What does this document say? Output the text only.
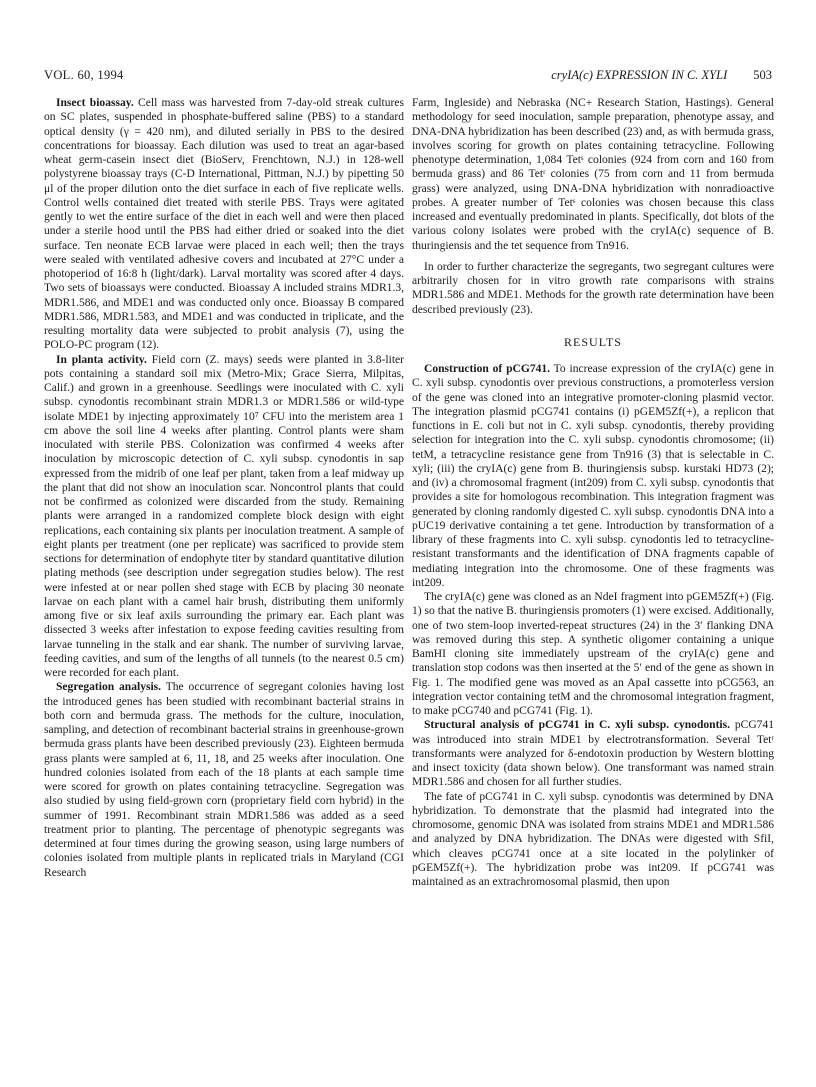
VOL. 60, 1994	cryIA(c) EXPRESSION IN C. XYLI 503

Insect bioassay. Cell mass was harvested from 7-day-old streak cultures on SC plates, suspended in phosphate-buffered saline (PBS) to a standard optical density (γ = 420 nm), and diluted serially in PBS to the desired concentrations for bioassay. Each dilution was used to treat an agar-based wheat germ-casein insect diet (BioServ, Frenchtown, N.J.) in 128-well polystyrene bioassay trays (C-D International, Pittman, N.J.) by pipetting 50 μl of the proper dilution onto the diet surface in each of five replicate wells. Control wells contained diet treated with sterile PBS. Trays were agitated gently to wet the entire surface of the diet in each well and were then placed under a sterile hood until the PBS had either dried or soaked into the diet surface. Ten neonate ECB larvae were placed in each well; then the trays were sealed with ventilated adhesive covers and incubated at 27°C under a photoperiod of 16:8 h (light/dark). Larval mortality was scored after 4 days. Two sets of bioassays were conducted. Bioassay A included strains MDR1.3, MDR1.586, and MDE1 and was conducted only once. Bioassay B compared MDR1.586, MDR1.583, and MDE1 and was conducted in triplicate, and the resulting mortality data were subjected to probit analysis (7), using the POLO-PC program (12).

In planta activity. Field corn (Z. mays) seeds were planted in 3.8-liter pots containing a standard soil mix (Metro-Mix; Grace Sierra, Milpitas, Calif.) and grown in a greenhouse. Seedlings were inoculated with C. xyli subsp. cynodontis recombinant strain MDR1.3 or MDR1.586 or wild-type isolate MDE1 by injecting approximately 10⁷ CFU into the meristem area 1 cm above the soil line 4 weeks after planting. Control plants were sham inoculated with sterile PBS. Colonization was confirmed 4 weeks after inoculation by microscopic detection of C. xyli subsp. cynodontis in sap expressed from the midrib of one leaf per plant, taken from a leaf midway up the plant that did not show an inoculation scar. Noncontrol plants that could not be confirmed as colonized were discarded from the study. Remaining plants were arranged in a randomized complete block design with eight replications, each containing six plants per inoculation treatment. A sample of eight plants per treatment (one per replicate) was sacrificed to provide stem sections for determination of endophyte titer by standard quantitative dilution plating methods (see description under segregation studies below). The rest were infested at or near pollen shed stage with ECB by placing 30 neonate larvae on each plant with a camel hair brush, distributing them uniformly among five or six leaf axils surrounding the primary ear. Each plant was dissected 3 weeks after infestation to expose feeding cavities resulting from larvae tunneling in the stalk and ear shank. The number of surviving larvae, feeding cavities, and sum of the lengths of all tunnels (to the nearest 0.5 cm) were recorded for each plant.

Segregation analysis. The occurrence of segregant colonies having lost the introduced genes has been studied with recombinant bacterial strains in both corn and bermuda grass. The methods for the culture, inoculation, sampling, and detection of recombinant bacterial strains in greenhouse-grown bermuda grass plants have been described previously (23). Eighteen bermuda grass plants were sampled at 6, 11, 18, and 25 weeks after inoculation. One hundred colonies isolated from each of the 18 plants at each sample time were scored for growth on plates containing tetracycline. Segregation was also studied by using field-grown corn (proprietary field corn hybrid) in the summer of 1991. Recombinant strain MDR1.586 was added as a seed treatment prior to planting. The percentage of phenotypic segregants was determined at four times during the growing season, using large numbers of colonies isolated from multiple plants in replicated trials in Maryland (CGI Research

Farm, Ingleside) and Nebraska (NC+ Research Station, Hastings). General methodology for seed inoculation, sample preparation, phenotype assay, and DNA-DNA hybridization has been described (23) and, as with bermuda grass, involves scoring for growth on plates containing tetracycline. Following phenotype determination, 1,084 Tetˢ colonies (924 from corn and 160 from bermuda grass) and 86 Tetʳ colonies (75 from corn and 11 from bermuda grass) were analyzed, using DNA-DNA hybridization with nonradioactive probes. A greater number of Tetˢ colonies was chosen because this class increased and eventually predominated in plants. Specifically, dot blots of the various colony isolates were probed with the cryIA(c) sequence of B. thuringiensis and the tet sequence from Tn916.

In order to further characterize the segregants, two segregant cultures were arbitrarily chosen for in vitro growth rate comparisons with strains MDR1.586 and MDE1. Methods for the growth rate determination have been described previously (23).

RESULTS

Construction of pCG741. To increase expression of the cryIA(c) gene in C. xyli subsp. cynodontis over previous constructions, a promoterless version of the gene was cloned into an integrative promoter-cloning plasmid vector. The integration plasmid pCG741 contains (i) pGEM5Zf(+), a replicon that functions in E. coli but not in C. xyli subsp. cynodontis, thereby providing selection for integration into the C. xyli subsp. cynodontis chromosome; (ii) tetM, a tetracycline resistance gene from Tn916 (3) that is selectable in C. xyli; (iii) the cryIA(c) gene from B. thuringiensis subsp. kurstaki HD73 (2); and (iv) a chromosomal fragment (int209) from C. xyli subsp. cynodontis that provides a site for homologous recombination. This integration fragment was generated by cloning randomly digested C. xyli subsp. cynodontis DNA into a pUC19 derivative containing a tet gene. Introduction by transformation of a library of these fragments into C. xyli subsp. cynodontis led to tetracycline-resistant transformants and the identification of DNA fragments capable of mediating integration into the chromosome. One of these fragments was int209.

The cryIA(c) gene was cloned as an NdeI fragment into pGEM5Zf(+) (Fig. 1) so that the native B. thuringiensis promoters (1) were excised. Additionally, one of two stem-loop inverted-repeat structures (24) in the 3′ flanking DNA was removed during this step. A synthetic oligomer containing a unique BamHI cloning site immediately upstream of the cryIA(c) gene and translation stop codons was then inserted at the 5′ end of the gene as shown in Fig. 1. The modified gene was moved as an ApaI cassette into pCG563, an integration vector containing tetM and the chromosomal integration fragment, to make pCG740 and pCG741 (Fig. 1).

Structural analysis of pCG741 in C. xyli subsp. cynodontis. pCG741 was introduced into strain MDE1 by electrotransformation. Several Tetʳ transformants were analyzed for δ-endotoxin production by Western blotting and insect toxicity (data shown below). One transformant was named strain MDR1.586 and chosen for all further studies.

The fate of pCG741 in C. xyli subsp. cynodontis was determined by DNA hybridization. To demonstrate that the plasmid had integrated into the chromosome, genomic DNA was isolated from strains MDE1 and MDR1.586 and analyzed by DNA hybridization. The DNAs were digested with SfiI, which cleaves pCG741 once at a site located in the polylinker of pGEM5Zf(+). The hybridization probe was int209. If pCG741 was maintained as an extrachromosomal plasmid, then upon
